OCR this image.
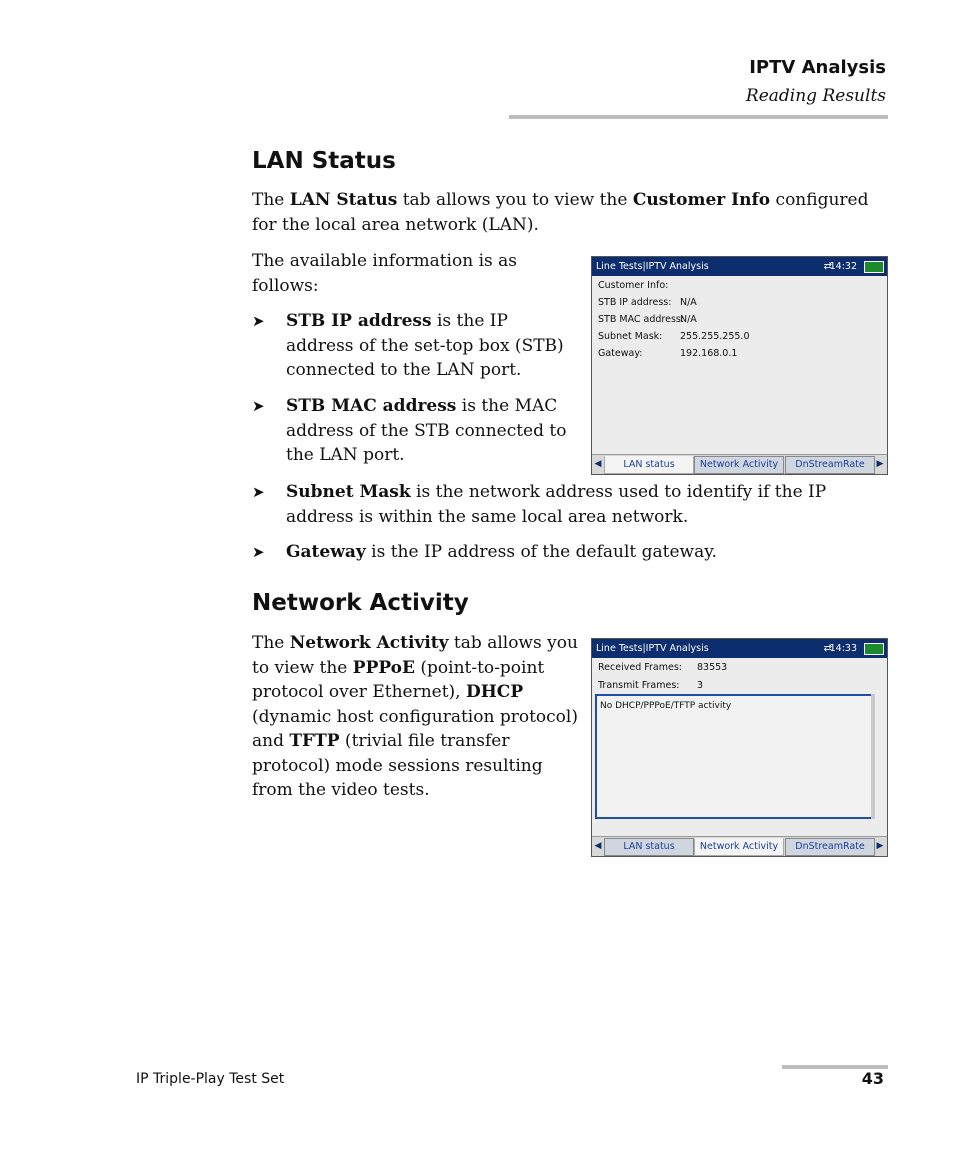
IPTV Analysis
Reading Results
LAN Status

The LAN Status tab allows you to view the Customer Info configured for the local area network (LAN).

The available information is as follows:

➤ STB IP address is the IP address of the set-top box (STB) connected to the LAN port.
➤ STB MAC address is the MAC address of the STB connected to the LAN port.
➤ Subnet Mask is the network address used to identify if the IP address is within the same local area network.
➤ Gateway is the IP address of the default gateway.
Line Tests|IPTV Analysis	⇄
14:32
Customer Info:
STB IP address: N/A
STB MAC address:
N/A
Subnet Mask: 255.255.255.0
Gateway:	192.168.0.1
◀	LAN status	Network Activity	DnStreamRate	▶
Network Activity

The Network Activity tab allows you to view the PPPoE (point-to-point protocol over Ethernet), DHCP (dynamic host configuration protocol) and TFTP (trivial file transfer protocol) mode sessions resulting from the video tests.

Line Tests|IPTV Analysis	⇄
14:33
Received Frames: 83553
Transmit Frames: 3
No DHCP/PPPoE/TFTP activity
◀	LAN status	Network Activity	DnStreamRate	▶
IP Triple-Play Test Set	43
